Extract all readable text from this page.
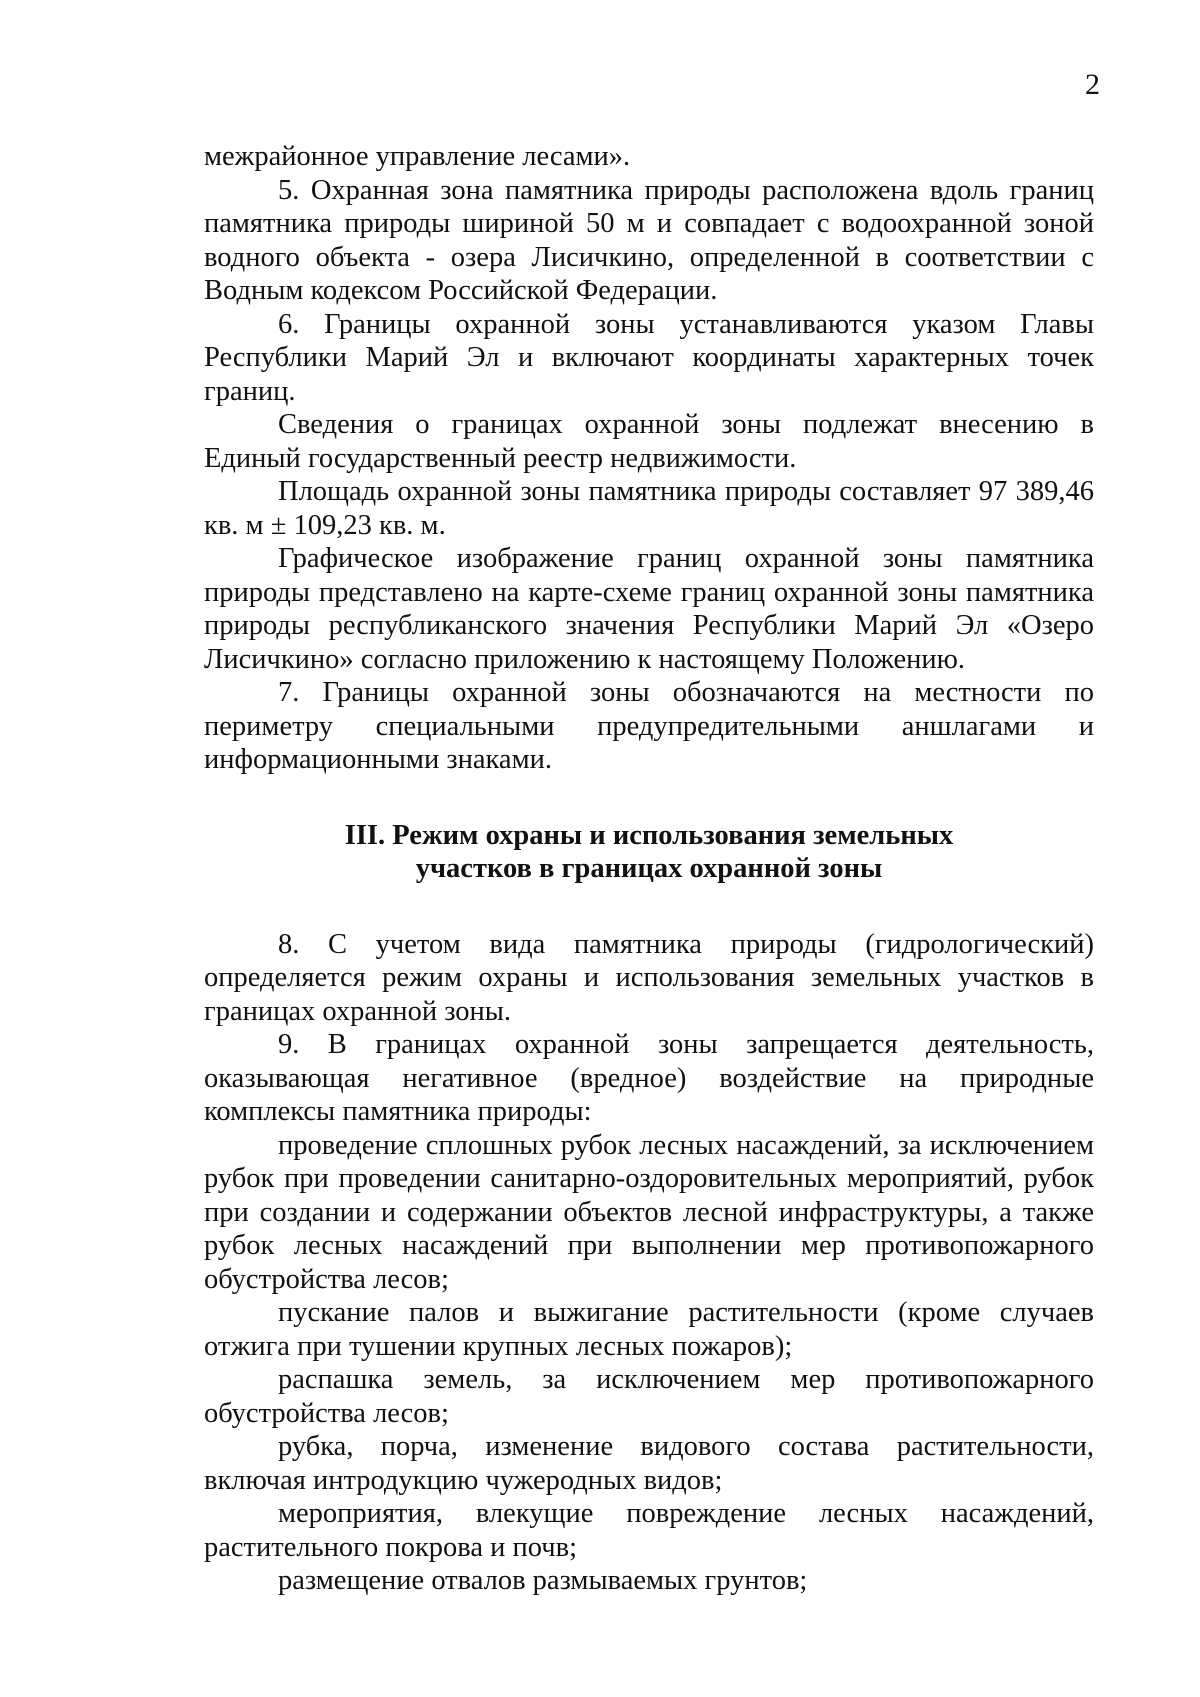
2

межрайонное управление лесами».

5. Охранная зона памятника природы расположена вдоль границ памятника природы шириной 50 м и совпадает с водоохранной зоной водного объекта - озера Лисичкино, определенной в соответствии с Водным кодексом Российской Федерации.

6. Границы охранной зоны устанавливаются указом Главы Республики Марий Эл и включают координаты характерных точек границ.

Сведения о границах охранной зоны подлежат внесению в Единый государственный реестр недвижимости.

Площадь охранной зоны памятника природы составляет 97 389,46 кв. м ± 109,23 кв. м.

Графическое изображение границ охранной зоны памятника природы представлено на карте-схеме границ охранной зоны памятника природы республиканского значения Республики Марий Эл «Озеро Лисичкино» согласно приложению к настоящему Положению.

7. Границы охранной зоны обозначаются на местности по периметру специальными предупредительными аншлагами и информационными знаками.

III. Режим охраны и использования земельных
участков в границах охранной зоны

8. С учетом вида памятника природы (гидрологический) определяется режим охраны и использования земельных участков в границах охранной зоны.

9. В границах охранной зоны запрещается деятельность, оказывающая негативное (вредное) воздействие на природные комплексы памятника природы:

проведение сплошных рубок лесных насаждений, за исключением рубок при проведении санитарно-оздоровительных мероприятий, рубок при создании и содержании объектов лесной инфраструктуры, а также рубок лесных насаждений при выполнении мер противопожарного обустройства лесов;

пускание палов и выжигание растительности (кроме случаев отжига при тушении крупных лесных пожаров);

распашка земель, за исключением мер противопожарного обустройства лесов;

рубка, порча, изменение видового состава растительности, включая интродукцию чужеродных видов;

мероприятия, влекущие повреждение лесных насаждений, растительного покрова и почв;

размещение отвалов размываемых грунтов;
